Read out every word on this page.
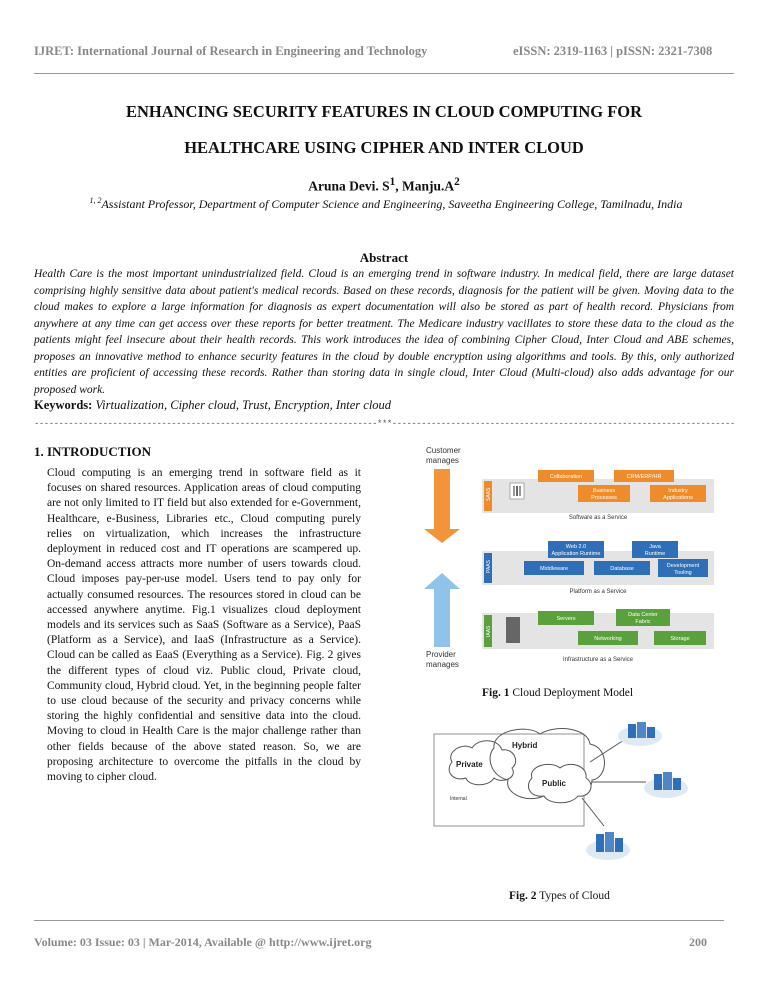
IJRET: International Journal of Research in Engineering and Technology	eISSN: 2319-1163 | pISSN: 2321-7308
ENHANCING SECURITY FEATURES IN CLOUD COMPUTING FOR
HEALTHCARE USING CIPHER AND INTER CLOUD
Aruna Devi. $S^1$, $Manju.A^2$
$^{1, 2}$Assistant Professor, Department of Computer Science and Engineering, Saveetha Engineering College, Tamilnadu, India
Abstract

Health Care is the most important unindustrialized field. Cloud is an emerging trend in software industry. In medical field, there are large dataset comprising highly sensitive data about patient's medical records. Based on these records, diagnosis for the patient will be given. Moving data to the cloud makes to explore a large information for diagnosis as expert documentation will also be stored as part of health record. Physicians from anywhere at any time can get access over these reports for better treatment. The Medicare industry vacillates to store these data to the cloud as the patients might feel insecure about their health records. This work introduces the idea of combining Cipher Cloud, Inter Cloud and ABE schemes, proposes an innovative method to enhance security features in the cloud by double encryption using algorithms and tools. By this, only authorized entities are proficient of accessing these records. Rather than storing data in single cloud, Inter Cloud (Multi-cloud) also adds advantage for our proposed work.

Keywords: Virtualization, Cipher cloud, Trust, Encryption, Inter cloud
----------------------------------------------------------------------***----------------------------------------------------------------------
1. INTRODUCTION

Cloud computing is an emerging trend in software field as it focuses on shared resources. Application areas of cloud computing are not only limited to IT field but also extended for e-Government, Healthcare, e-Business, Libraries etc., Cloud computing purely relies on virtualization, which increases the infrastructure deployment in reduced cost and IT operations are scampered up. On-demand access attracts more number of users towards cloud. Cloud imposes pay-per-use model. Users tend to pay only for actually consumed resources. The resources stored in cloud can be accessed anywhere anytime. Fig.1 visualizes cloud deployment models and its services such as SaaS (Software as a Service), PaaS (Platform as a Service), and IaaS (Infrastructure as a Service). Cloud can be called as EaaS (Everything as a Service). Fig. 2 gives the different types of cloud viz. Public cloud, Private cloud, Community cloud, Hybrid cloud. Yet, in the beginning people falter to use cloud because of the security and privacy concerns while storing the highly confidential and sensitive data into the cloud. Moving to cloud in Health Care is the major challenge rather than other fields because of the above stated reason. So, we are proposing architecture to overcome the pitfalls in the cloud by moving to cipher cloud.

Customer
manages
Provider
manages
SAAS
Collaboration	CRM/ERP/HR
Business
Processes
Industry
Applications
Software as a Service
PAAS
Web 2.0
Application Runtime
Java
Runtime
Middleware	Database	Development
Tooling
Platform as a Service
IAAS
Servers
Data Center
Fabric
Networking	Storage
Infrastructure as a Service
Fig. 1 Cloud Deployment Model
Private
Hybrid
Public
Internal
Fig. 2 Types of Cloud
Volume: 03 Issue: 03 | Mar-2014, Available @ http://www.ijret.org	200
